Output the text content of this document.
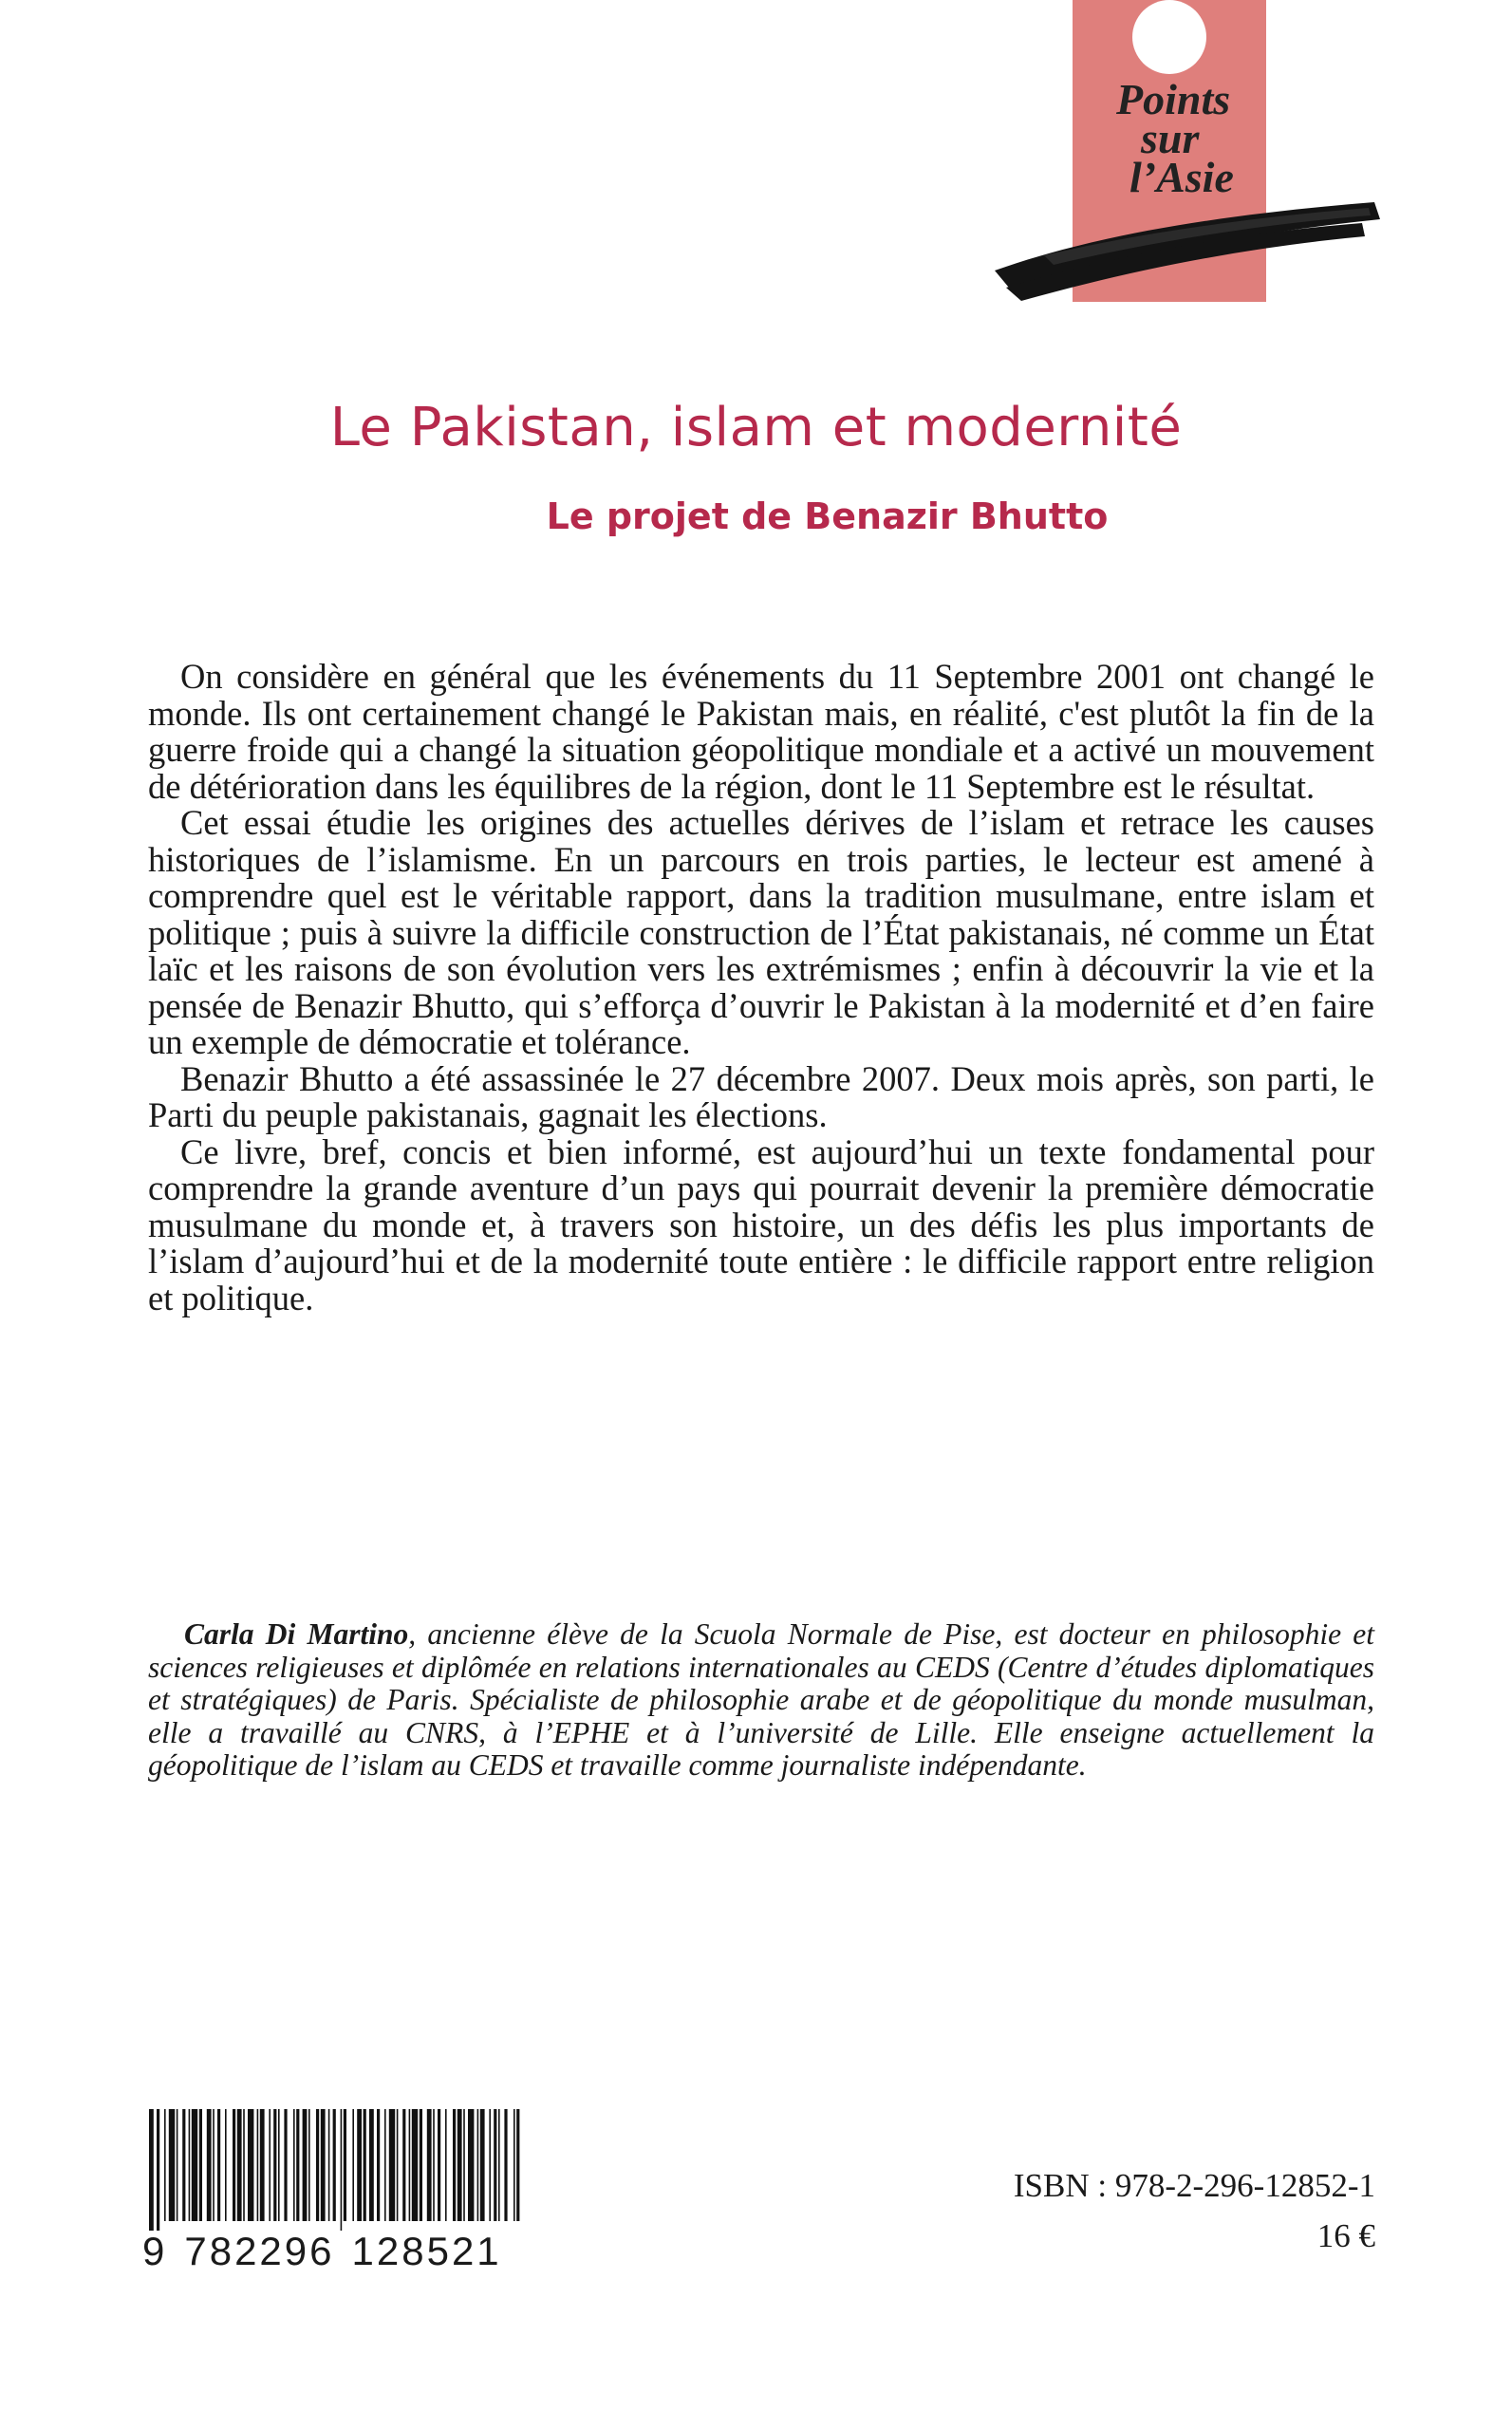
Points
sur
l’Asie
Le Pakistan, islam et modernité
Le projet de Benazir Bhutto

On considère en général que les événements du 11 Septembre 2001 ont changé le monde. Ils ont certainement changé le Pakistan mais, en réalité, c'est plutôt la fin de la guerre froide qui a changé la situation géopolitique mondiale et a activé un mouvement de détérioration dans les équilibres de la région, dont le 11 Septembre est le résultat.

Cet essai étudie les origines des actuelles dérives de l’islam et retrace les causes historiques de l’islamisme. En un parcours en trois parties, le lecteur est amené à comprendre quel est le véritable rapport, dans la tradition musulmane, entre islam et politique ; puis à suivre la difficile construction de l’État pakistanais, né comme un État laïc et les raisons de son évolution vers les extrémismes ; enfin à découvrir la vie et la pensée de Benazir Bhutto, qui s’efforça d’ouvrir le Pakistan à la modernité et d’en faire un exemple de démocratie et tolérance.

Benazir Bhutto a été assassinée le 27 décembre 2007. Deux mois après, son parti, le Parti du peuple pakistanais, gagnait les élections.

Ce livre, bref, concis et bien informé, est aujourd’hui un texte fondamental pour comprendre la grande aventure d’un pays qui pourrait devenir la première démocratie musulmane du monde et, à travers son histoire, un des défis les plus importants de l’islam d’aujourd’hui et de la modernité toute entière : le difficile rapport entre religion et politique.

Carla Di Martino, ancienne élève de la Scuola Normale de Pise, est docteur en philosophie et sciences religieuses et diplômée en relations internationales au CEDS (Centre d’études diplomatiques et stratégiques) de Paris. Spécialiste de philosophie arabe et de géopolitique du monde musulman, elle a travaillé au CNRS, à l’EPHE et à l’université de Lille. Elle enseigne actuellement la géopolitique de l’islam au CEDS et travaille comme journaliste indépendante.

9 782296 128521
ISBN : 978-2-296-12852-1
16 €
